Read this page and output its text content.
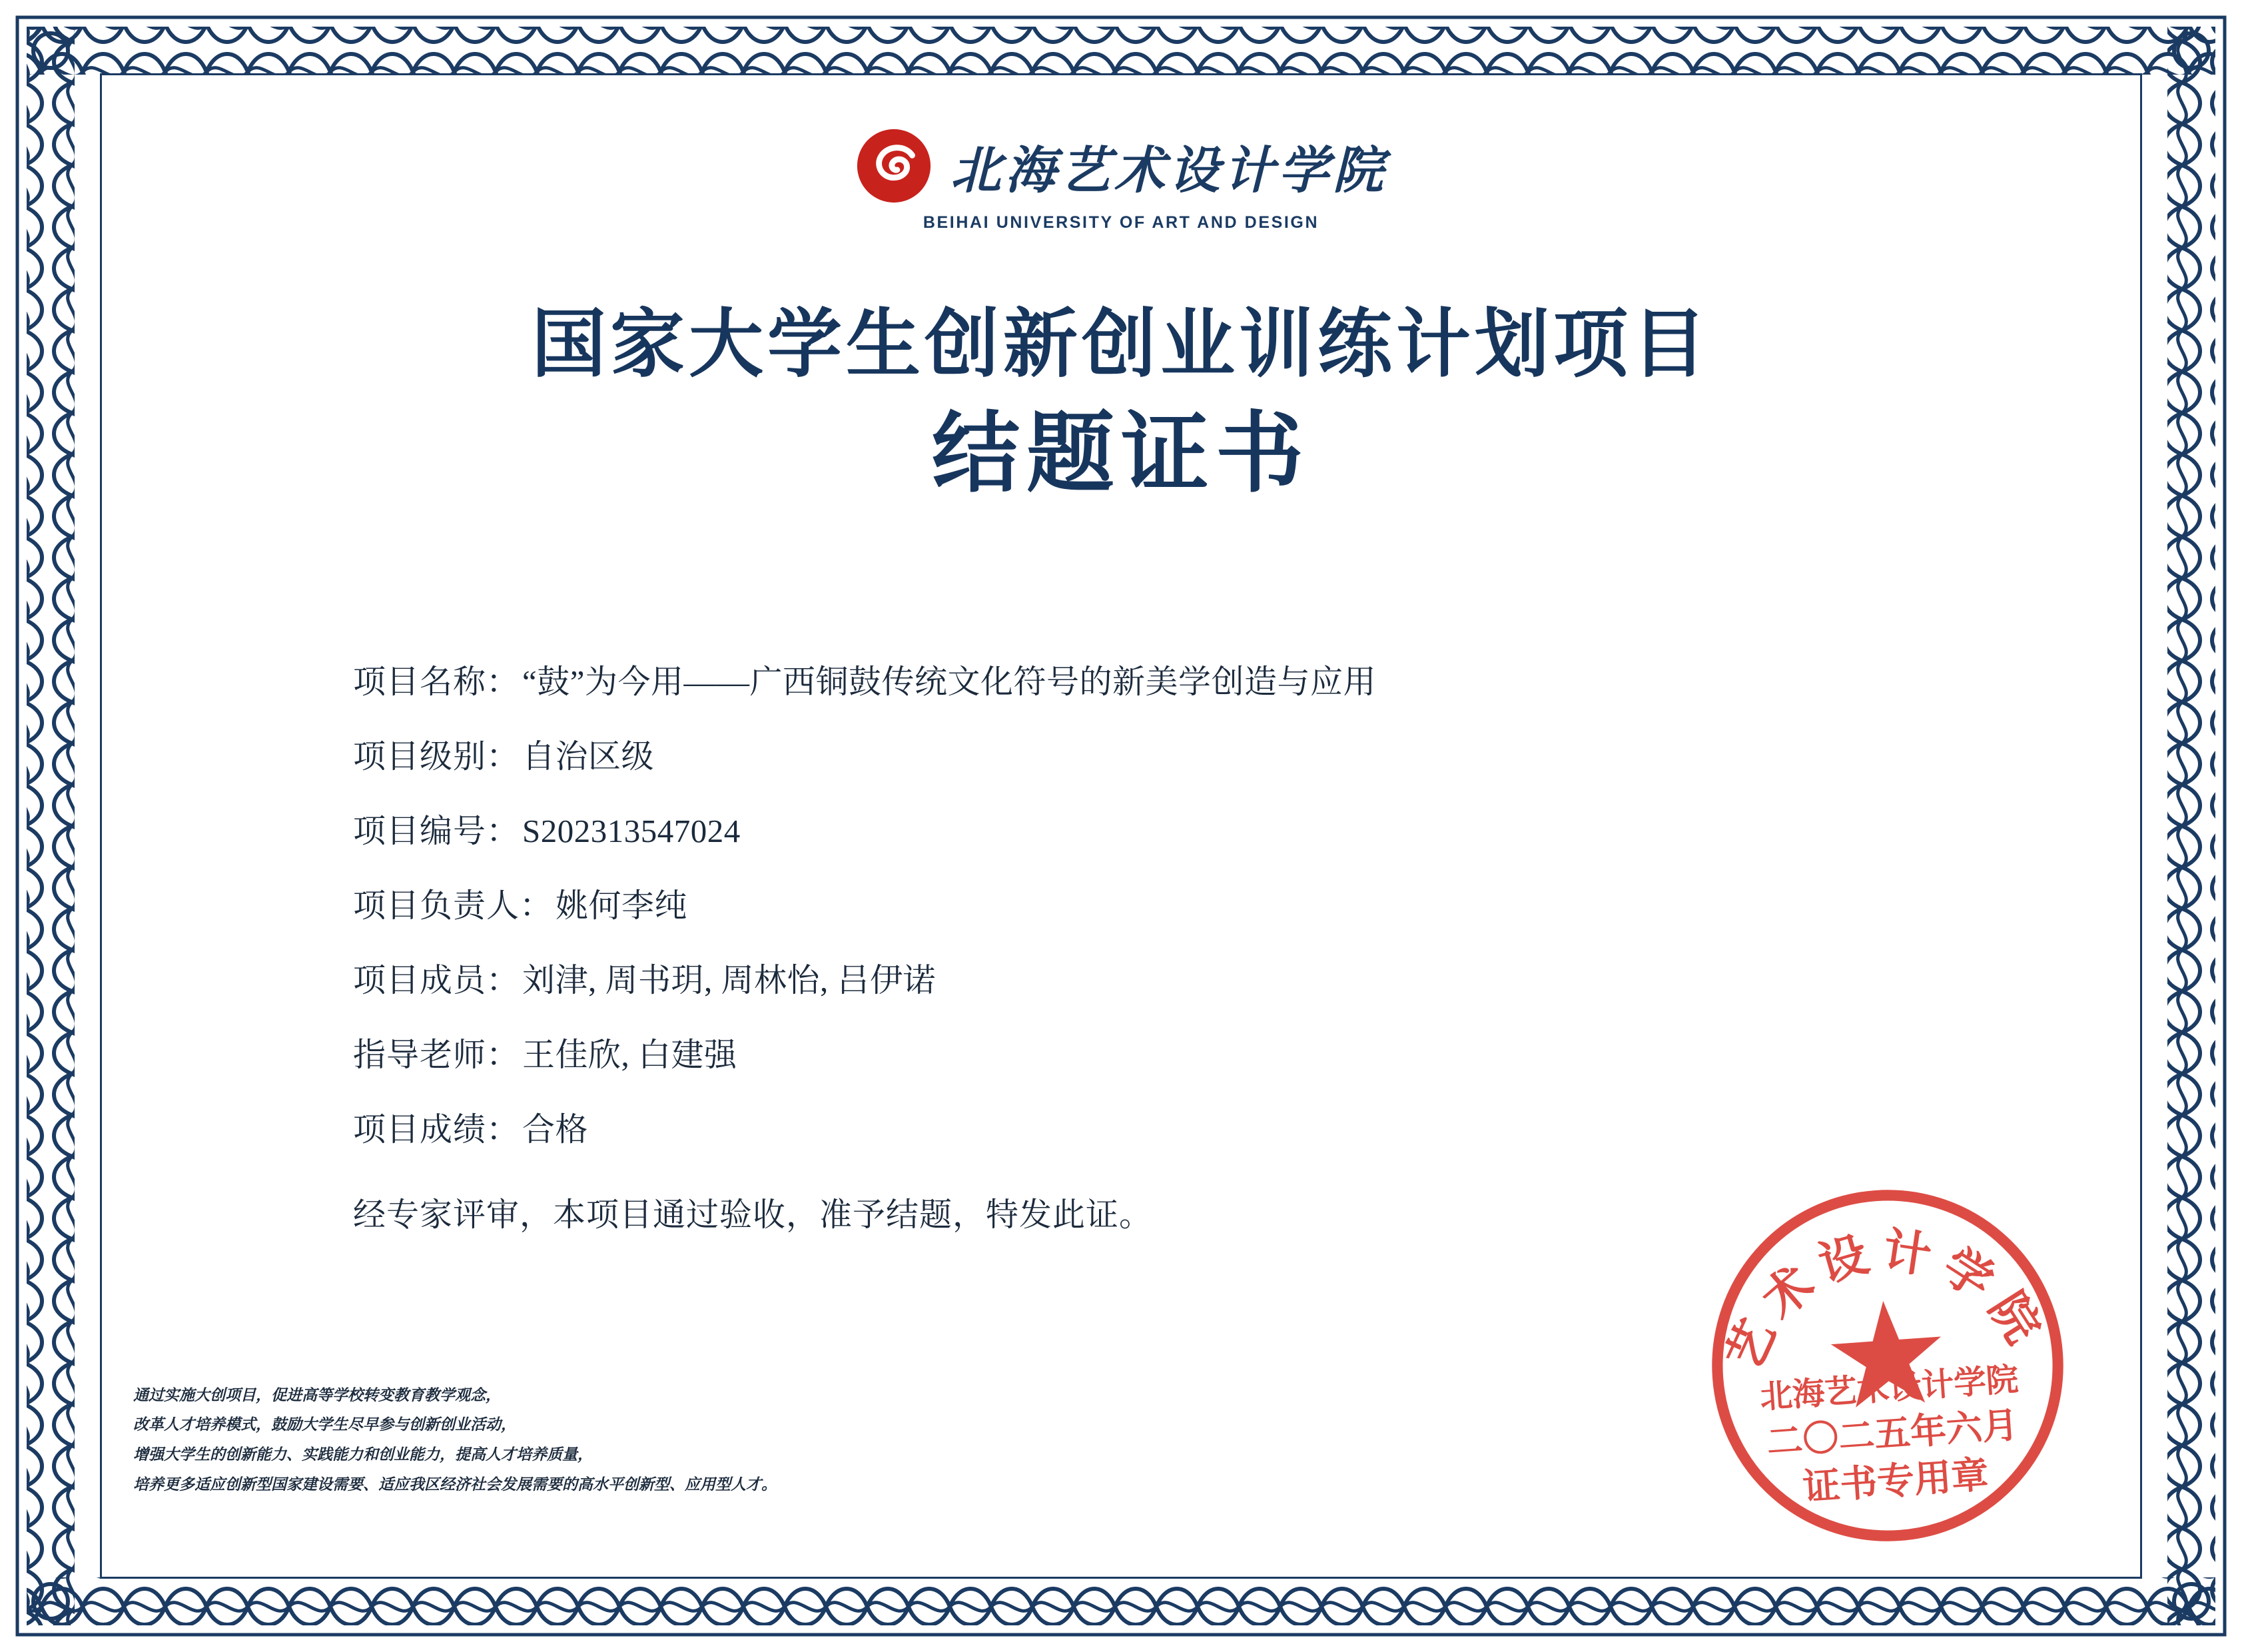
北海艺术设计学院
BEIHAI UNIVERSITY OF ART AND DESIGN
国家大学生创新创业训练计划项目
结题证书
项目名称： “鼓”为今用——广西铜鼓传统文化符号的新美学创造与应用
项目级别： 自治区级
项目编号： S202313547024
项目负责人： 姚何李纯
项目成员： 刘津, 周书玥, 周林怡, 吕伊诺
指导老师： 王佳欣, 白建强
项目成绩： 合格
经专家评审，本项目通过验收，准予结题，特发此证。
通过实施大创项目，促进高等学校转变教育教学观念，
改革人才培养模式，鼓励大学生尽早参与创新创业活动，
增强大学生的创新能力、实践能力和创业能力，提高人才培养质量，
培养更多适应创新型国家建设需要、适应我区经济社会发展需要的高水平创新型、应用型人才。
艺术设计学院
北海艺术设计学院
二〇二五年六月
证书专用章
